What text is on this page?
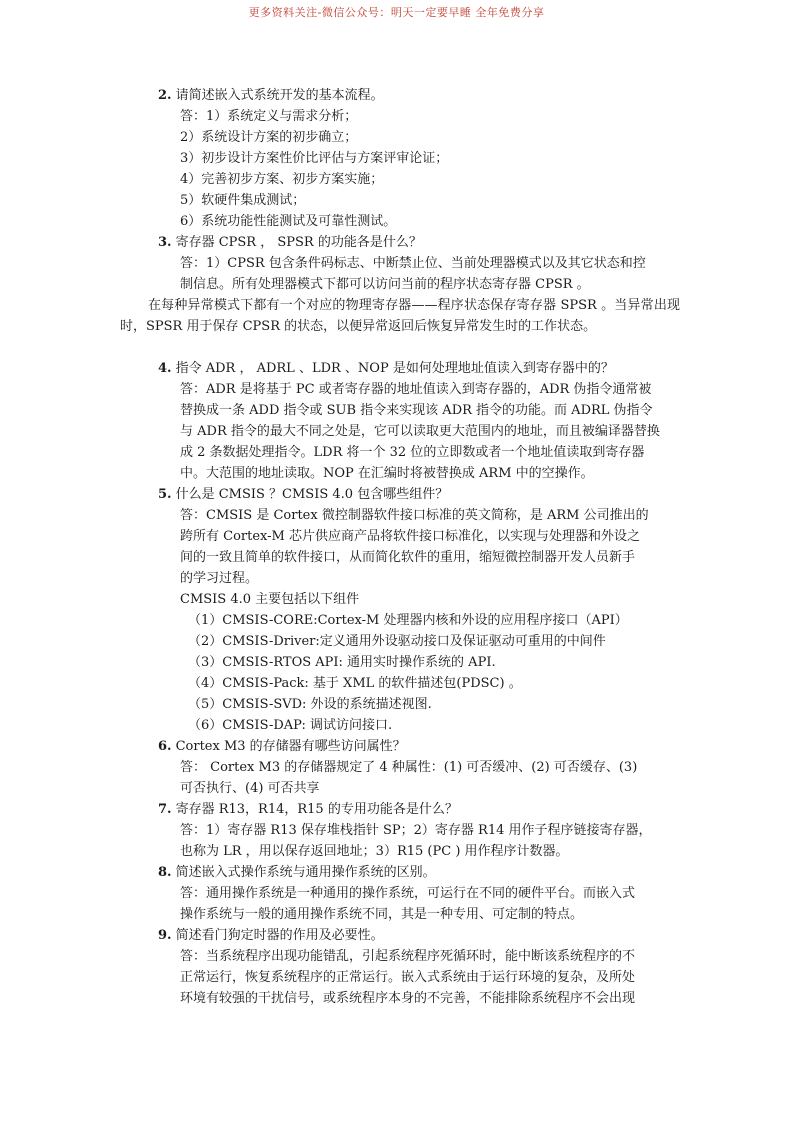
更多资料关注-微信公众号：明天一定要早睡 全年免费分享
2. 请简述嵌入式系统开发的基本流程。
答：1）系统定义与需求分析；
2）系统设计方案的初步确立；
3）初步设计方案性价比评估与方案评审论证；
4）完善初步方案、初步方案实施；
5）软硬件集成测试；
6）系统功能性能测试及可靠性测试。
3. 寄存器 CPSR ， SPSR 的功能各是什么？
答：1）CPSR 包含条件码标志、中断禁止位、当前处理器模式以及其它状态和控
制信息。所有处理器模式下都可以访问当前的程序状态寄存器 CPSR 。
在每种异常模式下都有一个对应的物理寄存器——程序状态保存寄存器 SPSR 。当异常出现时，SPSR 用于保存 CPSR 的状态，以便异常返回后恢复异常发生时的工作状态。
4. 指令 ADR ， ADRL 、LDR 、NOP 是如何处理地址值读入到寄存器中的？
答：ADR 是将基于 PC 或者寄存器的地址值读入到寄存器的，ADR 伪指令通常被
替换成一条 ADD 指令或 SUB 指令来实现该 ADR 指令的功能。而 ADRL 伪指令
与 ADR 指令的最大不同之处是，它可以读取更大范围内的地址，而且被编译器替换
成 2 条数据处理指令。LDR 将一个 32 位的立即数或者一个地址值读取到寄存器
中。大范围的地址读取。NOP 在汇编时将被替换成 ARM 中的空操作。
5. 什么是 CMSIS ？CMSIS 4.0 包含哪些组件？
答：CMSIS 是 Cortex 微控制器软件接口标准的英文简称，是 ARM 公司推出的
跨所有 Cortex-M 芯片供应商产品将软件接口标准化，以实现与处理器和外设之
间的一致且简单的软件接口，从而简化软件的重用，缩短微控制器开发人员新手
的学习过程。
CMSIS 4.0 主要包括以下组件
（1）CMSIS-CORE:Cortex-M 处理器内核和外设的应用程序接口（API）
（2）CMSIS-Driver:定义通用外设驱动接口及保证驱动可重用的中间件
（3）CMSIS-RTOS API: 通用实时操作系统的 API.
（4）CMSIS-Pack: 基于 XML 的软件描述包(PDSC) 。
（5）CMSIS-SVD: 外设的系统描述视图.
（6）CMSIS-DAP: 调试访问接口.
6. Cortex M3 的存储器有哪些访问属性？
答： Cortex M3 的存储器规定了 4 种属性：(1) 可否缓冲、(2) 可否缓存、(3)
可否执行、(4) 可否共享
7. 寄存器 R13，R14，R15 的专用功能各是什么？
答：1）寄存器 R13 保存堆栈指针 SP；2）寄存器 R14 用作子程序链接寄存器，
也称为 LR ，用以保存返回地址；3）R15 (PC ) 用作程序计数器。
8. 简述嵌入式操作系统与通用操作系统的区别。
答：通用操作系统是一种通用的操作系统，可运行在不同的硬件平台。而嵌入式
操作系统与一般的通用操作系统不同，其是一种专用、可定制的特点。
9. 简述看门狗定时器的作用及必要性。
答：当系统程序出现功能错乱，引起系统程序死循环时，能中断该系统程序的不
正常运行，恢复系统程序的正常运行。嵌入式系统由于运行环境的复杂，及所处
环境有较强的干扰信号，或系统程序本身的不完善，不能排除系统程序不会出现
